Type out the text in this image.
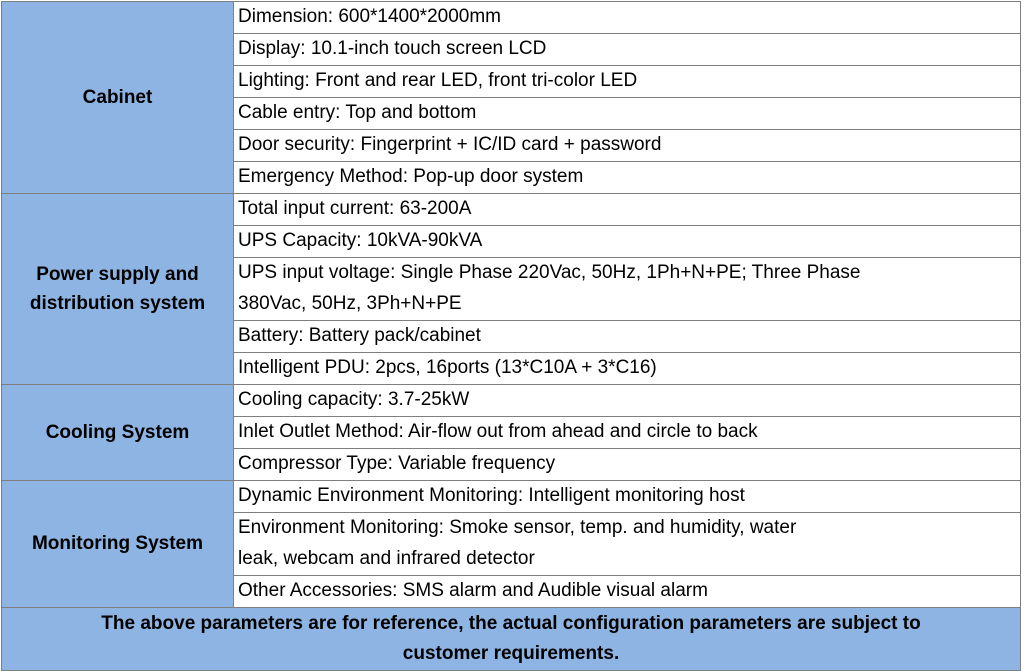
Cabinet	Dimension: 600*1400*2000mm
	Display: 10.1-inch touch screen LCD
	Lighting: Front and rear LED, front tri-color LED
	Cable entry: Top and bottom
	Door security: Fingerprint + IC/ID card + password
	Emergency Method: Pop-up door system
Power supply and
distribution system	Total input current: 63-200A
	UPS Capacity: 10kVA-90kVA
	UPS input voltage: Single Phase 220Vac, 50Hz, 1Ph+N+PE; Three Phase
	380Vac, 50Hz, 3Ph+N+PE
	Battery: Battery pack/cabinet
	Intelligent PDU: 2pcs, 16ports (13*C10A + 3*C16)
Cooling System	Cooling capacity: 3.7-25kW
	Inlet Outlet Method: Air-flow out from ahead and circle to back
	Compressor Type: Variable frequency
Monitoring System	Dynamic Environment Monitoring: Intelligent monitoring host
	Environment Monitoring: Smoke sensor, temp. and humidity, water
	leak, webcam and infrared detector
	Other Accessories: SMS alarm and Audible visual alarm
The above parameters are for reference, the actual configuration parameters are subject to
customer requirements.	
